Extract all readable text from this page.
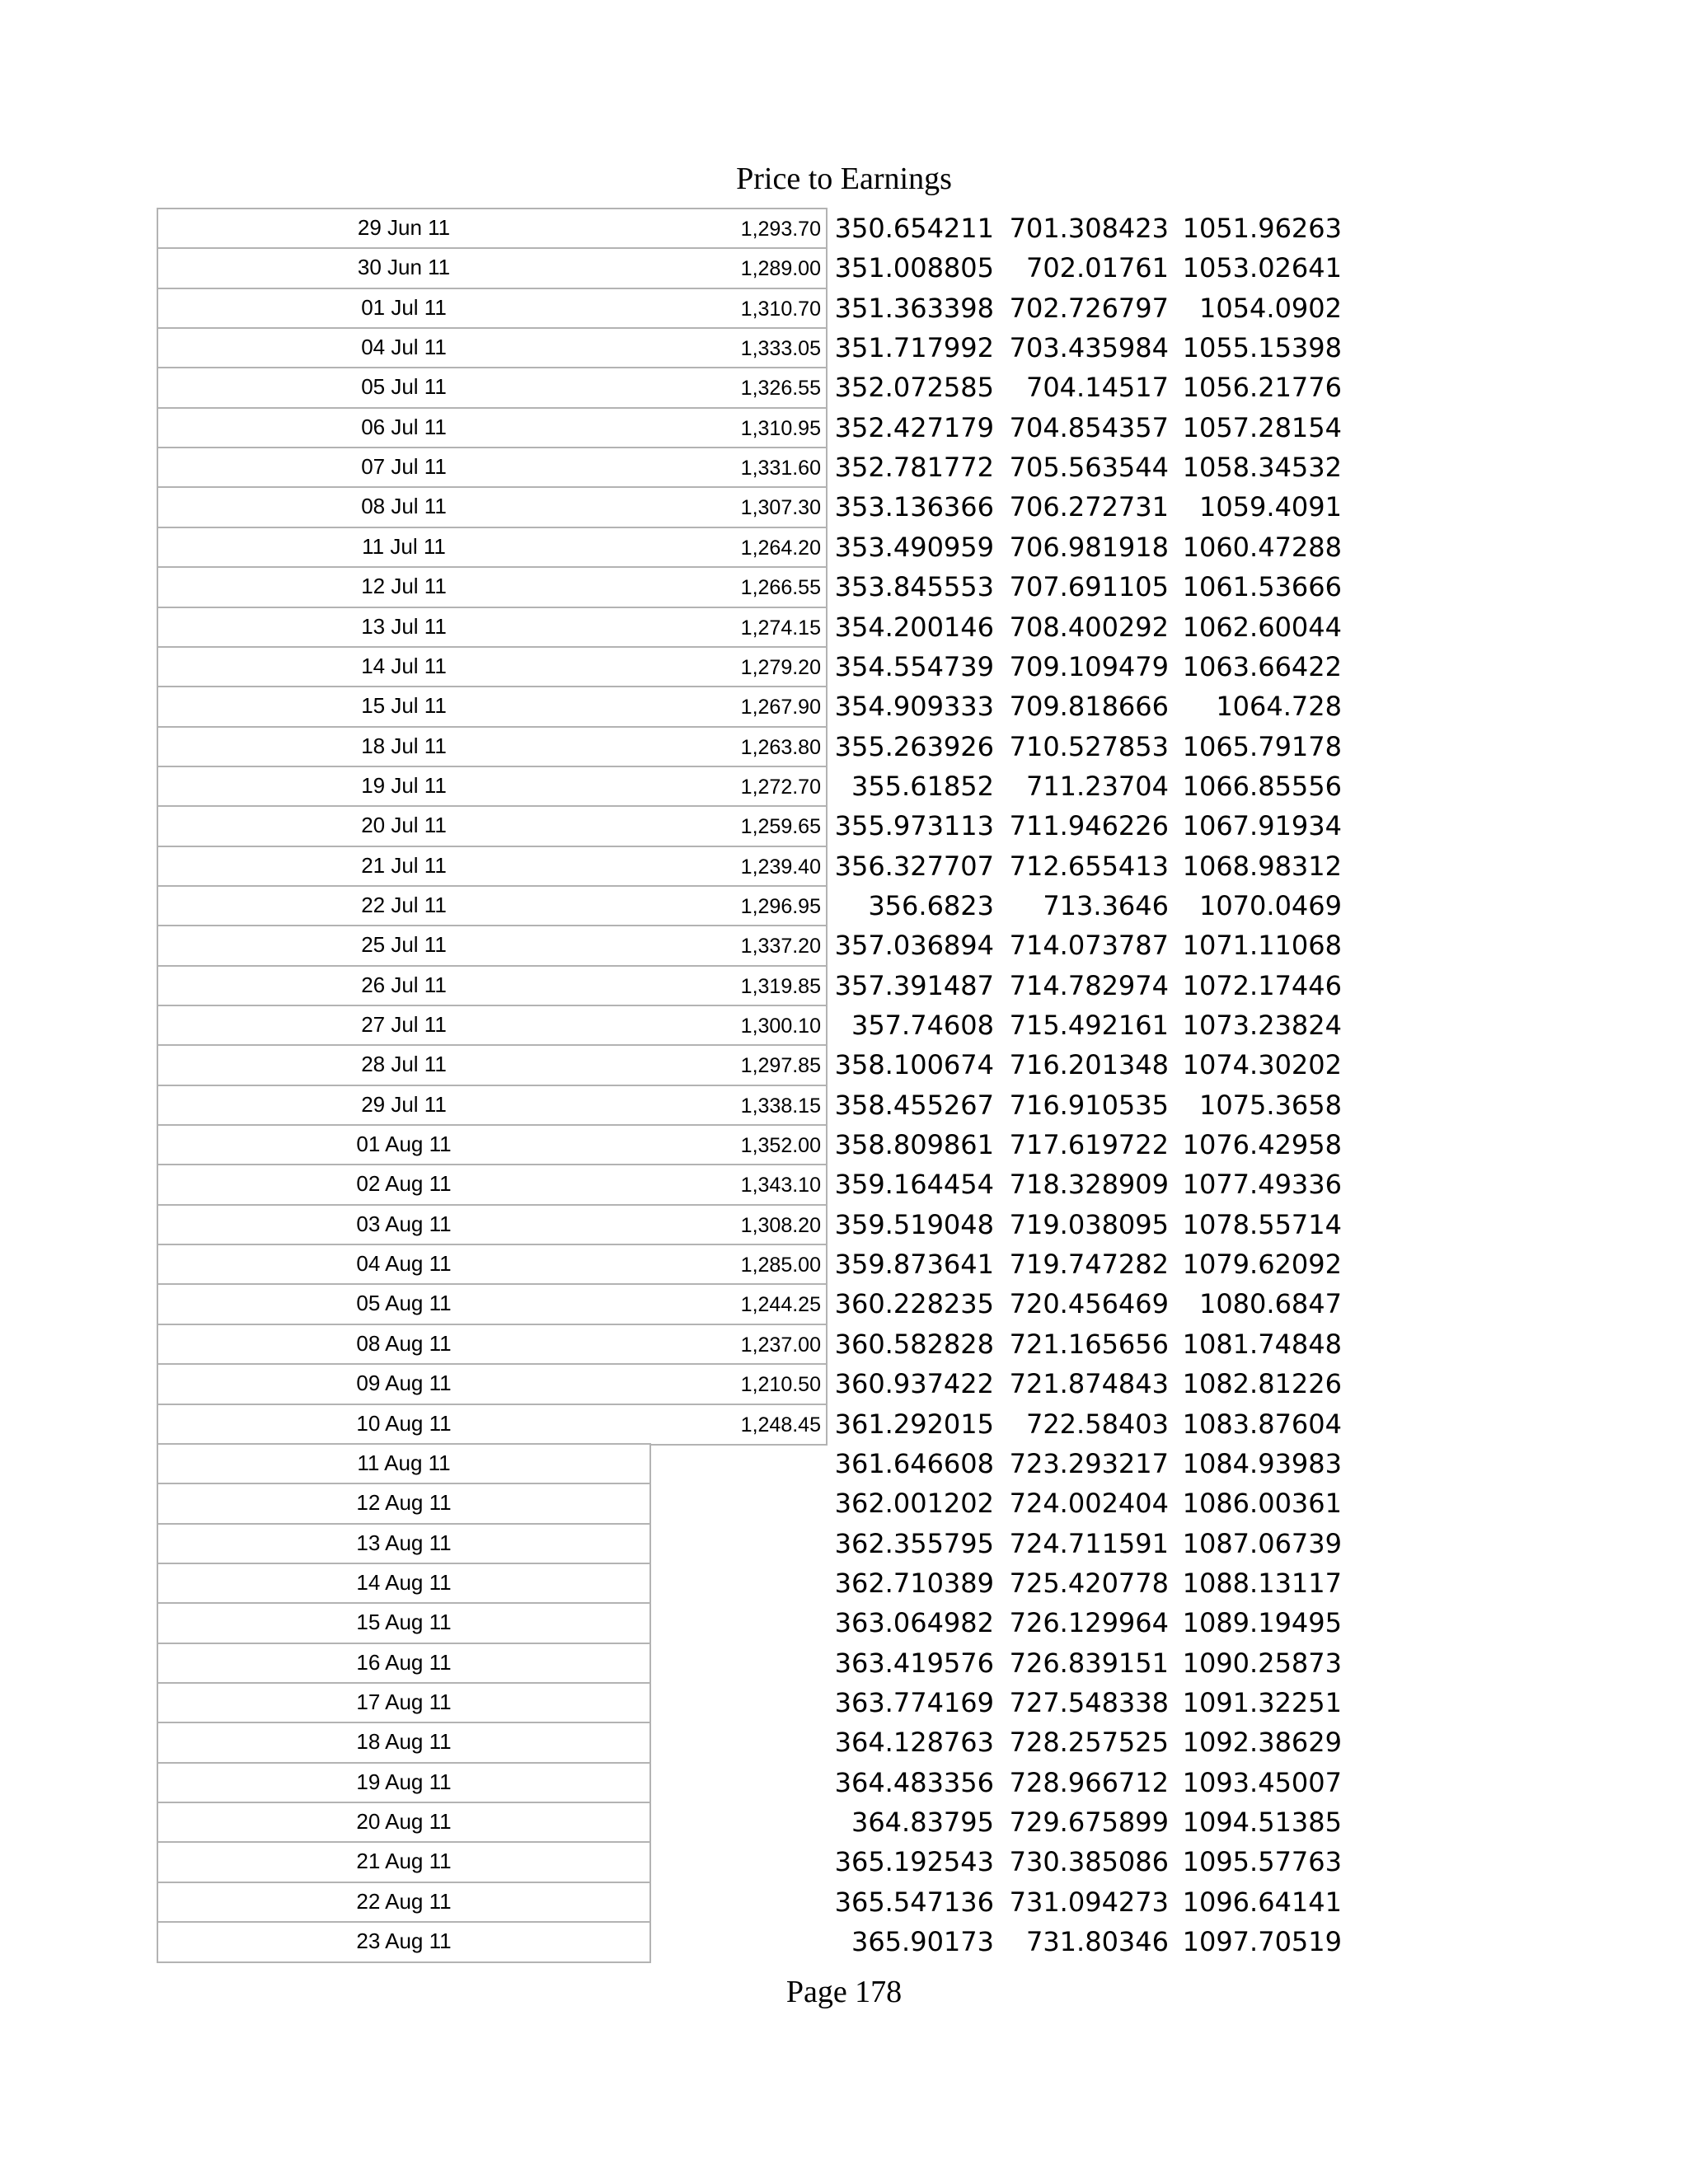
Price to Earnings
29 Jun 11	1,293.70 350.654211 701.308423 1051.96263
30 Jun 11	1,289.00 351.008805	702.01761 1053.02641
01 Jul 11	1,310.70 351.363398 702.726797	1054.0902
04 Jul 11	1,333.05 351.717992 703.435984 1055.15398
05 Jul 11	1,326.55 352.072585	704.14517 1056.21776
06 Jul 11	1,310.95 352.427179 704.854357 1057.28154
07 Jul 11	1,331.60 352.781772 705.563544 1058.34532
08 Jul 11	1,307.30 353.136366 706.272731	1059.4091
11 Jul 11	1,264.20 353.490959 706.981918 1060.47288
12 Jul 11	1,266.55 353.845553 707.691105 1061.53666
13 Jul 11	1,274.15 354.200146 708.400292 1062.60044
14 Jul 11	1,279.20 354.554739 709.109479 1063.66422
15 Jul 11	1,267.90 354.909333 709.818666	1064.728
18 Jul 11	1,263.80 355.263926 710.527853 1065.79178
19 Jul 11	1,272.70	355.61852	711.23704 1066.85556
20 Jul 11	1,259.65 355.973113 711.946226 1067.91934
21 Jul 11	1,239.40 356.327707 712.655413 1068.98312
22 Jul 11	1,296.95	356.6823	713.3646	1070.0469
25 Jul 11	1,337.20 357.036894 714.073787 1071.11068
26 Jul 11	1,319.85 357.391487 714.782974 1072.17446
27 Jul 11	1,300.10	357.74608 715.492161 1073.23824
28 Jul 11	1,297.85 358.100674 716.201348 1074.30202
29 Jul 11	1,338.15 358.455267 716.910535	1075.3658
01 Aug 11	1,352.00 358.809861 717.619722 1076.42958
02 Aug 11	1,343.10 359.164454 718.328909 1077.49336
03 Aug 11	1,308.20 359.519048 719.038095 1078.55714
04 Aug 11	1,285.00 359.873641 719.747282 1079.62092
05 Aug 11	1,244.25 360.228235 720.456469	1080.6847
08 Aug 11	1,237.00 360.582828 721.165656 1081.74848
09 Aug 11	1,210.50 360.937422 721.874843 1082.81226
10 Aug 11	1,248.45 361.292015	722.58403 1083.87604
11 Aug 11	361.646608 723.293217 1084.93983
12 Aug 11	362.001202 724.002404 1086.00361
13 Aug 11	362.355795 724.711591 1087.06739
14 Aug 11	362.710389 725.420778 1088.13117
15 Aug 11	363.064982 726.129964 1089.19495
16 Aug 11	363.419576 726.839151 1090.25873
17 Aug 11	363.774169 727.548338 1091.32251
18 Aug 11	364.128763 728.257525 1092.38629
19 Aug 11	364.483356 728.966712 1093.45007
20 Aug 11	364.83795 729.675899 1094.51385
21 Aug 11	365.192543 730.385086 1095.57763
22 Aug 11	365.547136 731.094273 1096.64141
23 Aug 11	365.90173	731.80346 1097.70519
Page 178
